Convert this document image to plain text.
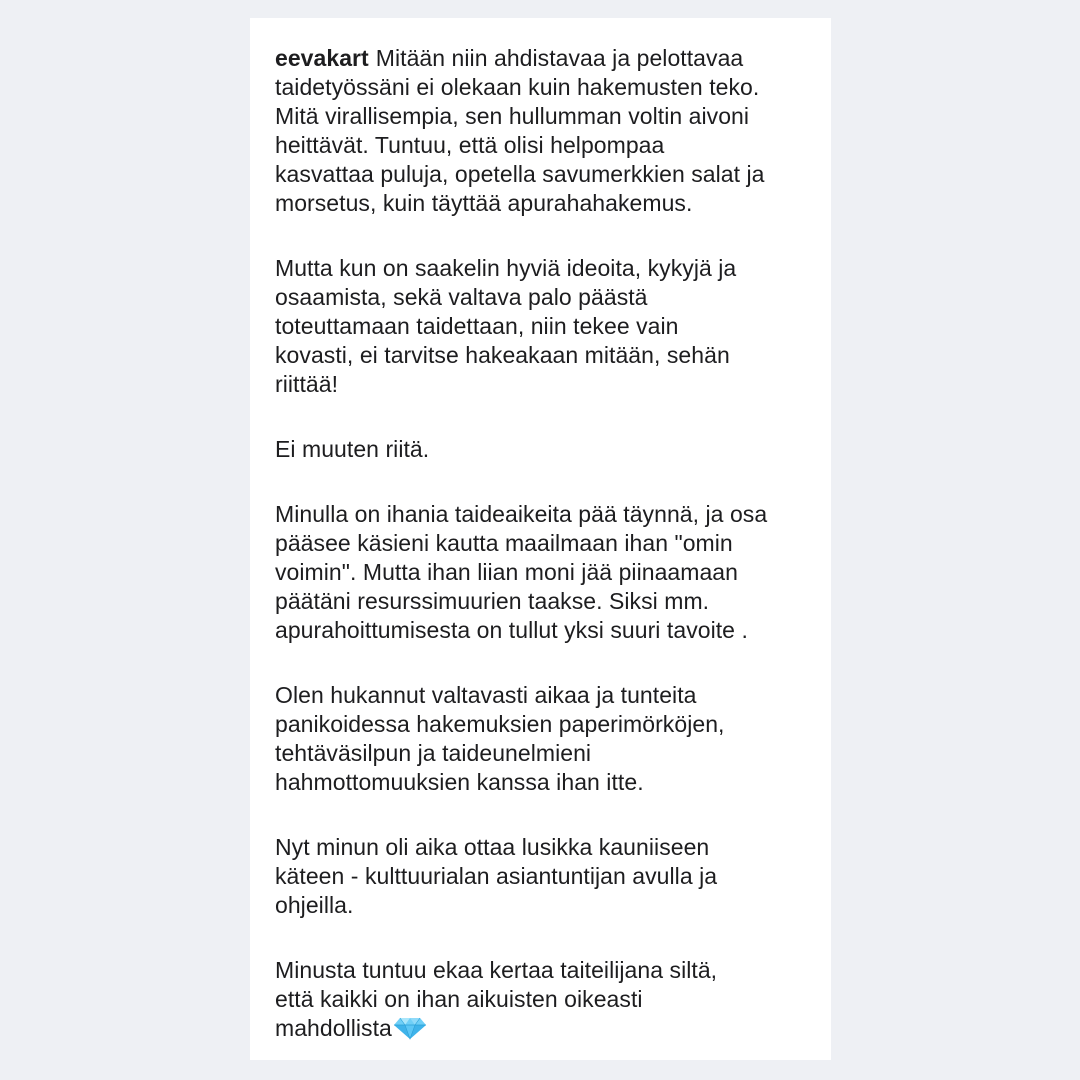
eevakart Mitään niin ahdistavaa ja pelottavaa
taidetyössäni ei olekaan kuin hakemusten teko.
Mitä virallisempia, sen hullumman voltin aivoni
heittävät. Tuntuu, että olisi helpompaa
kasvattaa puluja, opetella savumerkkien salat ja
morsetus, kuin täyttää apurahahakemus.

Mutta kun on saakelin hyviä ideoita, kykyjä ja
osaamista, sekä valtava palo päästä
toteuttamaan taidettaan, niin tekee vain
kovasti, ei tarvitse hakeakaan mitään, sehän
riittää!

Ei muuten riitä.

Minulla on ihania taideaikeita pää täynnä, ja osa
pääsee käsieni kautta maailmaan ihan "omin
voimin". Mutta ihan liian moni jää piinaamaan
päätäni resurssimuurien taakse. Siksi mm.
apurahoittumisesta on tullut yksi suuri tavoite .

Olen hukannut valtavasti aikaa ja tunteita
panikoidessa hakemuksien paperimörköjen,
tehtäväsilpun ja taideunelmieni
hahmottomuuksien kanssa ihan itte.

Nyt minun oli aika ottaa lusikka kauniiseen
käteen - kulttuurialan asiantuntijan avulla ja
ohjeilla.

Minusta tuntuu ekaa kertaa taiteilijana siltä,
että kaikki on ihan aikuisten oikeasti
mahdollista
